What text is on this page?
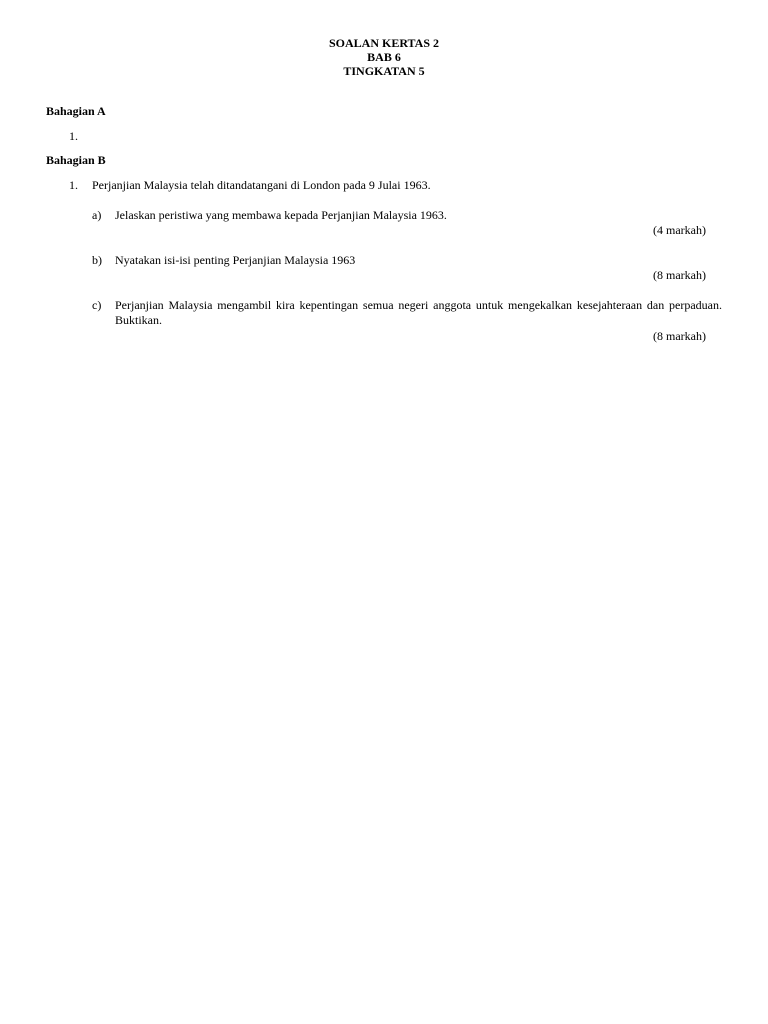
SOALAN KERTAS 2
BAB 6
TINGKATAN 5
Bahagian A
1.
Bahagian B
1. Perjanjian Malaysia telah ditandatangani di London pada 9 Julai 1963.
a) Jelaskan peristiwa yang membawa kepada Perjanjian Malaysia 1963.
(4 markah)
b) Nyatakan isi-isi penting Perjanjian Malaysia 1963
(8 markah)
c) Perjanjian Malaysia mengambil kira kepentingan semua negeri anggota untuk mengekalkan kesejahteraan dan perpaduan. Buktikan.
(8 markah)
